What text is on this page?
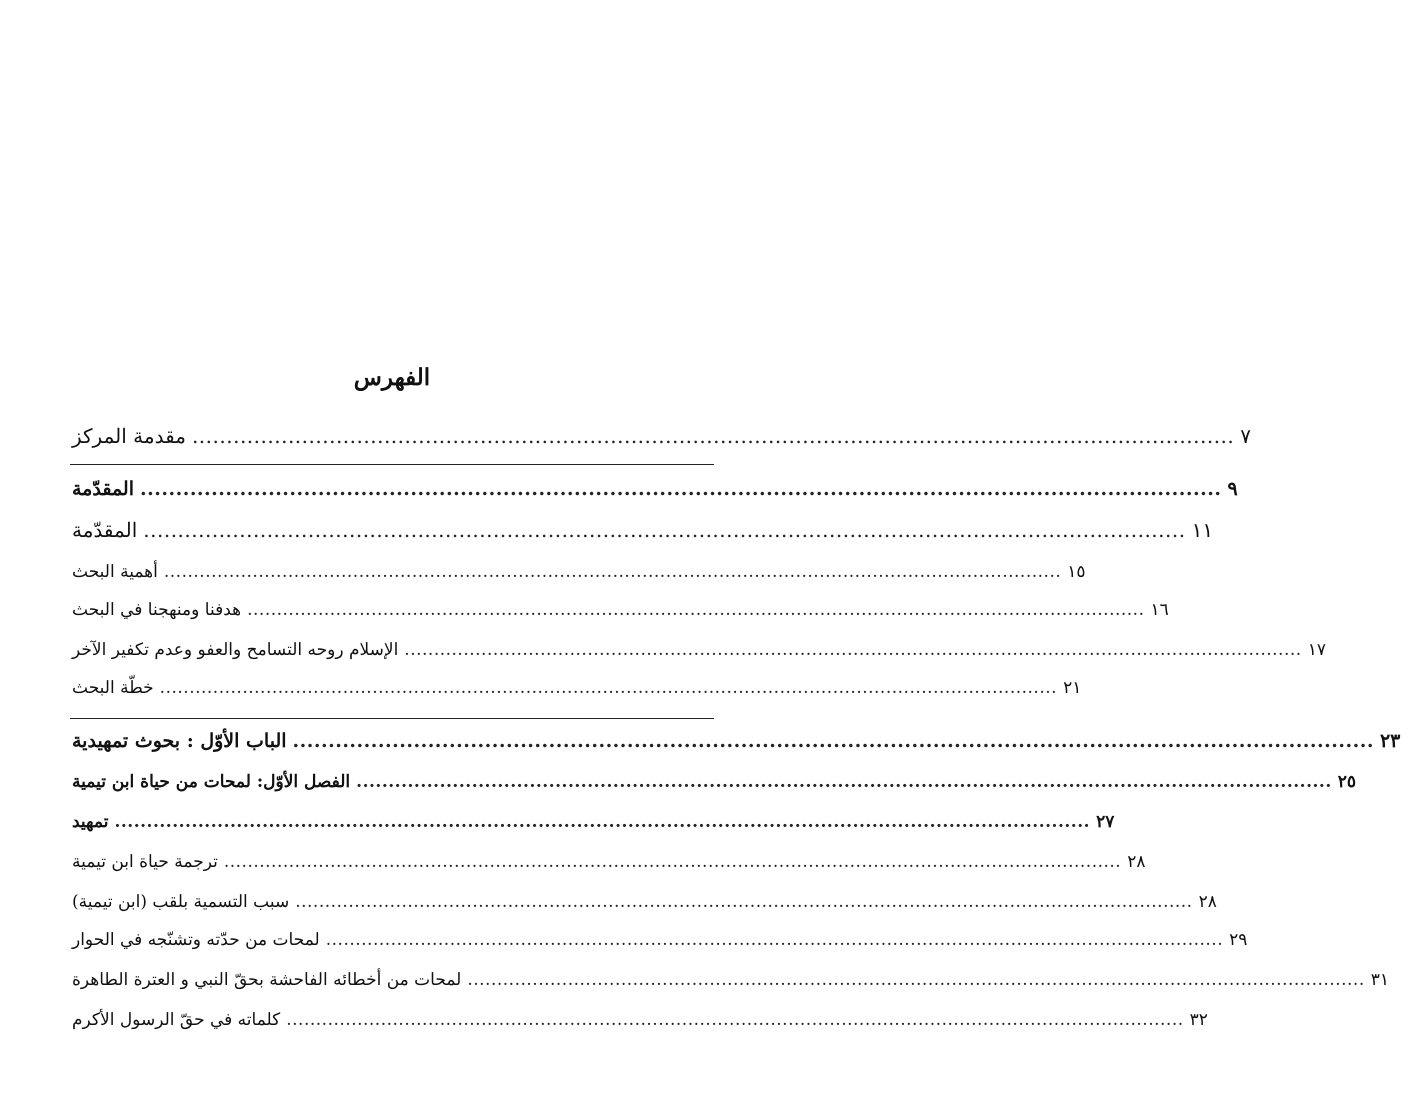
الفهرس
مقدمة المركز ........................................................................................................................................................ ٧
المقدّمة ........................................................................................................................................................ ٩
المقدّمة ........................................................................................................................................................ ١١
أهمية البحث ........................................................................................................................................................ ١٥
هدفنا ومنهجنا في البحث ........................................................................................................................................................ ١٦
الإسلام روحه التسامح والعفو وعدم تكفير الآخر ........................................................................................................................................................ ١٧
خطّة البحث ........................................................................................................................................................ ٢١
الباب الأوّل : بحوث تمهيدية ........................................................................................................................................................ ٢٣
الفصل الأوّل: لمحات من حياة ابن تيمية ........................................................................................................................................................ ٢٥
تمهيد ........................................................................................................................................................ ٢٧
ترجمة حياة ابن تيمية ........................................................................................................................................................ ٢٨
سبب التسمية بلقب (ابن تيمية) ........................................................................................................................................................ ٢٨
لمحات من حدّته وتشنّجه في الحوار ........................................................................................................................................................ ٢٩
لمحات من أخطائه الفاحشة بحقّ النبي و العترة الطاهرة ........................................................................................................................................................ ٣١
كلماته في حقّ الرسول الأكرم ........................................................................................................................................................ ٣٢
